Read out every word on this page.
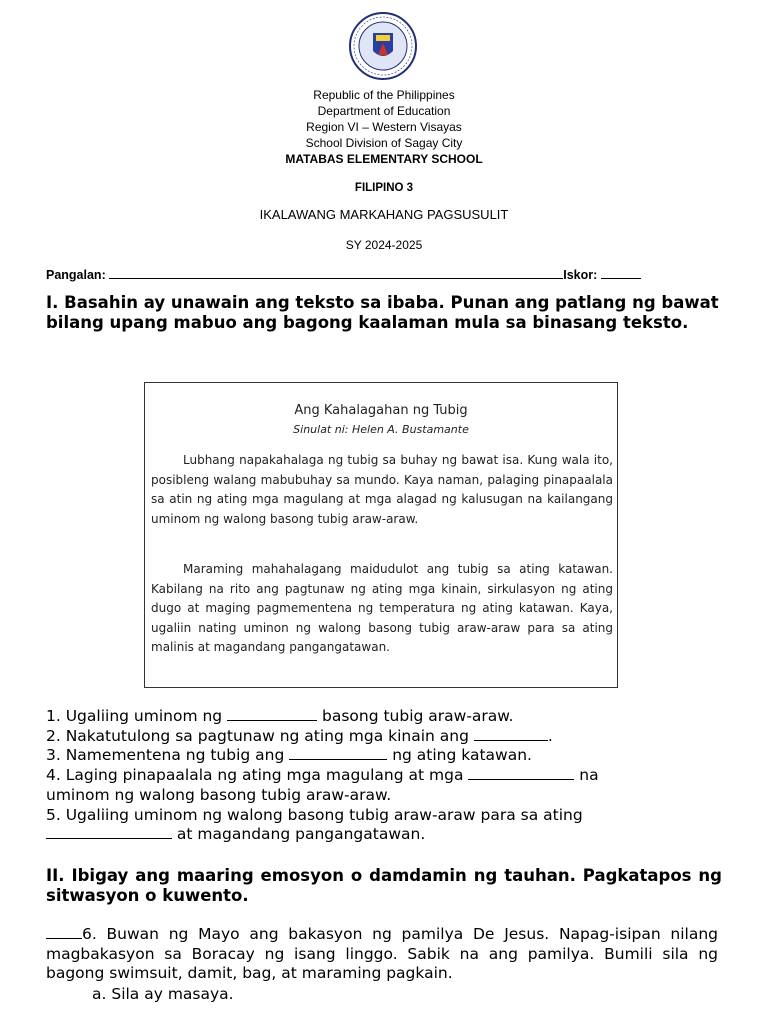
Republic of the Philippines
Department of Education
Region VI – Western Visayas
School Division of Sagay City
MATABAS ELEMENTARY SCHOOL
FILIPINO 3
IKALAWANG MARKAHANG PAGSUSULIT
SY 2024-2025
Pangalan:	Iskor:
I. Basahin ay unawain ang teksto sa ibaba. Punan ang patlang ng bawat bilang upang mabuo ang bagong kaalaman mula sa binasang teksto.
Ang Kahalagahan ng Tubig
Sinulat ni: Helen A. Bustamante
Lubhang napakahalaga ng tubig sa buhay ng bawat isa. Kung wala ito, posibleng walang mabubuhay sa mundo. Kaya naman, palaging pinapaalala sa atin ng ating mga magulang at mga alagad ng kalusugan na kailangang uminom ng walong basong tubig araw-araw.
Maraming mahahalagang maidudulot ang tubig sa ating katawan. Kabilang na rito ang pagtunaw ng ating mga kinain, sirkulasyon ng ating dugo at maging pagmementena ng temperatura ng ating katawan. Kaya, ugaliin nating uminon ng walong basong tubig araw-araw para sa ating malinis at magandang pangangatawan.
1. Ugaliing uminom ng	basong tubig araw-araw.
2. Nakatutulong sa pagtunaw ng ating mga kinain ang	.
3. Namementena ng tubig ang	ng ating katawan.
4. Laging pinapaalala ng ating mga magulang at mga	na
uminom ng walong basong tubig araw-araw.
5. Ugaliing uminom ng walong basong tubig araw-araw para sa ating
at magandang pangangatawan.
II. Ibigay ang maaring emosyon o damdamin ng tauhan. Pagkatapos ng sitwasyon o kuwento.
6. Buwan ng Mayo ang bakasyon ng pamilya De Jesus. Napag-isipan nilang magbakasyon sa Boracay ng isang linggo. Sabik na ang pamilya. Bumili sila ng bagong swimsuit, damit, bag, at maraming pagkain.
a. Sila ay masaya.
